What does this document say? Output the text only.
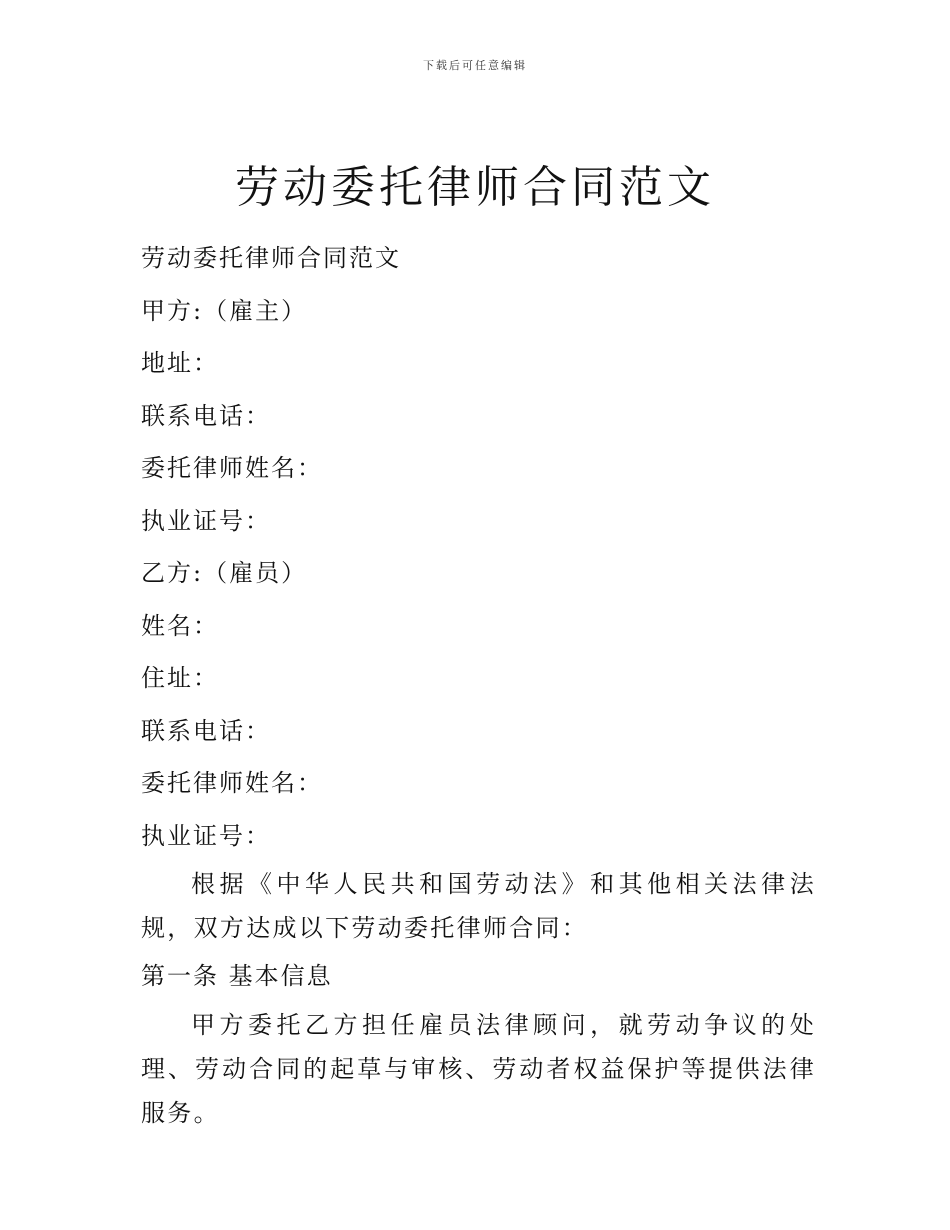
下载后可任意编辑
劳动委托律师合同范文
劳动委托律师合同范文
甲方:（雇主）
地址：
联系电话：
委托律师姓名：
执业证号：
乙方:（雇员）
姓名：
住址：
联系电话：
委托律师姓名：
执业证号：
根据《中华人民共和国劳动法》和其他相关法律法规，双方达成以下劳动委托律师合同：
第一条 基本信息
甲方委托乙方担任雇员法律顾问，就劳动争议的处理、劳动合同的起草与审核、劳动者权益保护等提供法律服务。
